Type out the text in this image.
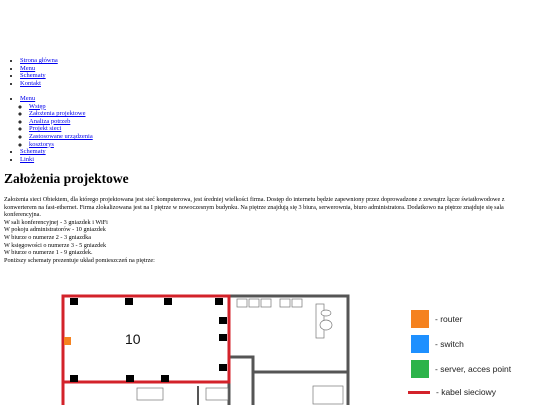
• Strona główna
• Menu
• Schematy
• Kontakt
• Menu
◦ Wstęp
◦ Założenia projektowe
◦ Analiza potrzeb
◦ Projekt sieci
◦ Zastosowane urządzenia
◦ kosztorys
• Schematy
• Linki
Założenia projektowe

Założenia sieci Obiektem, dla którego projektowana jest sieć komputerowa, jest średniej wielkości firma. Dostęp do internetu będzie zapewniony przez doprowadzone z zewnątrz łącze światłowodowe z konwerterem na fast-ethernet. Firma zlokalizowana jest na I piętrze w nowoczesnym budynku. Na piętrze znajdują się 3 biura, serwerownia, biuro administratora. Dodatkowo na piętrze znajduje się sala konferencyjna.

W sali konferencyjnej - 3 gniazdek i WiFi
W pokoju administratorów - 10 gniazdek
W biurze o numerze 2 - 3 gniazdka
W księgowości o numerze 3 - 5 gniazdek
W biurze o numerze 1 - 9 gniazdek.
Poniższy schematy prezentuje układ pomieszczeń na piętrze:
10
- router
- switch
- server, acces point
- kabel sieciowy
